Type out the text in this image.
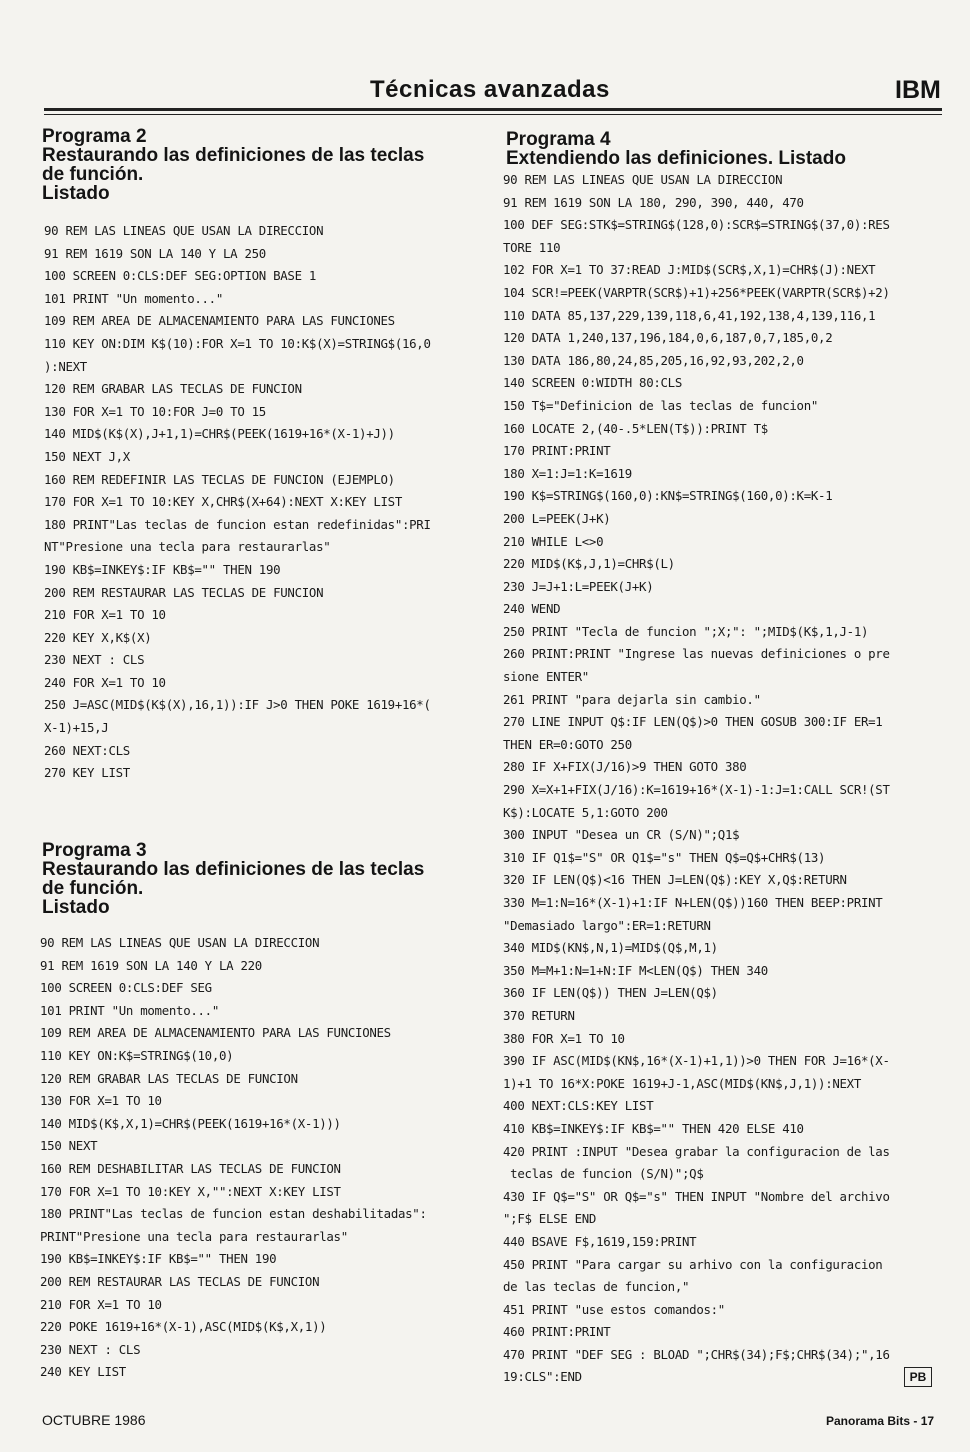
Técnicas avanzadas	IBM
Programa 2
Restaurando las definiciones de las teclas
de función.
Listado
90 REM LAS LINEAS QUE USAN LA DIRECCION
91 REM 1619 SON LA 140 Y LA 250
100 SCREEN 0:CLS:DEF SEG:OPTION BASE 1
101 PRINT "Un momento..."
109 REM AREA DE ALMACENAMIENTO PARA LAS FUNCIONES
110 KEY ON:DIM K$(10):FOR X=1 TO 10:K$(X)=STRING$(16,0
):NEXT
120 REM GRABAR LAS TECLAS DE FUNCION
130 FOR X=1 TO 10:FOR J=0 TO 15
140 MID$(K$(X),J+1,1)=CHR$(PEEK(1619+16*(X-1)+J))
150 NEXT J,X
160 REM REDEFINIR LAS TECLAS DE FUNCION (EJEMPLO)
170 FOR X=1 TO 10:KEY X,CHR$(X+64):NEXT X:KEY LIST
180 PRINT"Las teclas de funcion estan redefinidas":PRI
NT"Presione una tecla para restaurarlas"
190 KB$=INKEY$:IF KB$="" THEN 190
200 REM RESTAURAR LAS TECLAS DE FUNCION
210 FOR X=1 TO 10
220 KEY X,K$(X)
230 NEXT : CLS
240 FOR X=1 TO 10
250 J=ASC(MID$(K$(X),16,1)):IF J>0 THEN POKE 1619+16*(
X-1)+15,J
260 NEXT:CLS
270 KEY LIST
Programa 3
Restaurando las definiciones de las teclas
de función.
Listado
90 REM LAS LINEAS QUE USAN LA DIRECCION
91 REM 1619 SON LA 140 Y LA 220
100 SCREEN 0:CLS:DEF SEG
101 PRINT "Un momento..."
109 REM AREA DE ALMACENAMIENTO PARA LAS FUNCIONES
110 KEY ON:K$=STRING$(10,0)
120 REM GRABAR LAS TECLAS DE FUNCION
130 FOR X=1 TO 10
140 MID$(K$,X,1)=CHR$(PEEK(1619+16*(X-1)))
150 NEXT
160 REM DESHABILITAR LAS TECLAS DE FUNCION
170 FOR X=1 TO 10:KEY X,"":NEXT X:KEY LIST
180 PRINT"Las teclas de funcion estan deshabilitadas":
PRINT"Presione una tecla para restaurarlas"
190 KB$=INKEY$:IF KB$="" THEN 190
200 REM RESTAURAR LAS TECLAS DE FUNCION
210 FOR X=1 TO 10
220 POKE 1619+16*(X-1),ASC(MID$(K$,X,1))
230 NEXT : CLS
240 KEY LIST
Programa 4
Extendiendo las definiciones. Listado
90 REM LAS LINEAS QUE USAN LA DIRECCION
91 REM 1619 SON LA 180, 290, 390, 440, 470
100 DEF SEG:STK$=STRING$(128,0):SCR$=STRING$(37,0):RES
TORE 110
102 FOR X=1 TO 37:READ J:MID$(SCR$,X,1)=CHR$(J):NEXT
104 SCR!=PEEK(VARPTR(SCR$)+1)+256*PEEK(VARPTR(SCR$)+2)
110 DATA 85,137,229,139,118,6,41,192,138,4,139,116,1
120 DATA 1,240,137,196,184,0,6,187,0,7,185,0,2
130 DATA 186,80,24,85,205,16,92,93,202,2,0
140 SCREEN 0:WIDTH 80:CLS
150 T$="Definicion de las teclas de funcion"
160 LOCATE 2,(40-.5*LEN(T$)):PRINT T$
170 PRINT:PRINT
180 X=1:J=1:K=1619
190 K$=STRING$(160,0):KN$=STRING$(160,0):K=K-1
200 L=PEEK(J+K)
210 WHILE L<>0
220 MID$(K$,J,1)=CHR$(L)
230 J=J+1:L=PEEK(J+K)
240 WEND
250 PRINT "Tecla de funcion ";X;": ";MID$(K$,1,J-1)
260 PRINT:PRINT "Ingrese las nuevas definiciones o pre
sione ENTER"
261 PRINT "para dejarla sin cambio."
270 LINE INPUT Q$:IF LEN(Q$)>0 THEN GOSUB 300:IF ER=1
THEN ER=0:GOTO 250
280 IF X+FIX(J/16)>9 THEN GOTO 380
290 X=X+1+FIX(J/16):K=1619+16*(X-1)-1:J=1:CALL SCR!(ST
K$):LOCATE 5,1:GOTO 200
300 INPUT "Desea un CR (S/N)";Q1$
310 IF Q1$="S" OR Q1$="s" THEN Q$=Q$+CHR$(13)
320 IF LEN(Q$)<16 THEN J=LEN(Q$):KEY X,Q$:RETURN
330 M=1:N=16*(X-1)+1:IF N+LEN(Q$))160 THEN BEEP:PRINT
"Demasiado largo":ER=1:RETURN
340 MID$(KN$,N,1)=MID$(Q$,M,1)
350 M=M+1:N=1+N:IF M<LEN(Q$) THEN 340
360 IF LEN(Q$)) THEN J=LEN(Q$)
370 RETURN
380 FOR X=1 TO 10
390 IF ASC(MID$(KN$,16*(X-1)+1,1))>0 THEN FOR J=16*(X-
1)+1 TO 16*X:POKE 1619+J-1,ASC(MID$(KN$,J,1)):NEXT
400 NEXT:CLS:KEY LIST
410 KB$=INKEY$:IF KB$="" THEN 420 ELSE 410
420 PRINT :INPUT "Desea grabar la configuracion de las
teclas de funcion (S/N)";Q$
430 IF Q$="S" OR Q$="s" THEN INPUT "Nombre del archivo
";F$ ELSE END
440 BSAVE F$,1619,159:PRINT
450 PRINT "Para cargar su arhivo con la configuracion
de las teclas de funcion,"
451 PRINT "use estos comandos:"
460 PRINT:PRINT
470 PRINT "DEF SEG : BLOAD ";CHR$(34);F$;CHR$(34);",16
19:CLS":END	PB
OCTUBRE 1986	Panorama Bits - 17
